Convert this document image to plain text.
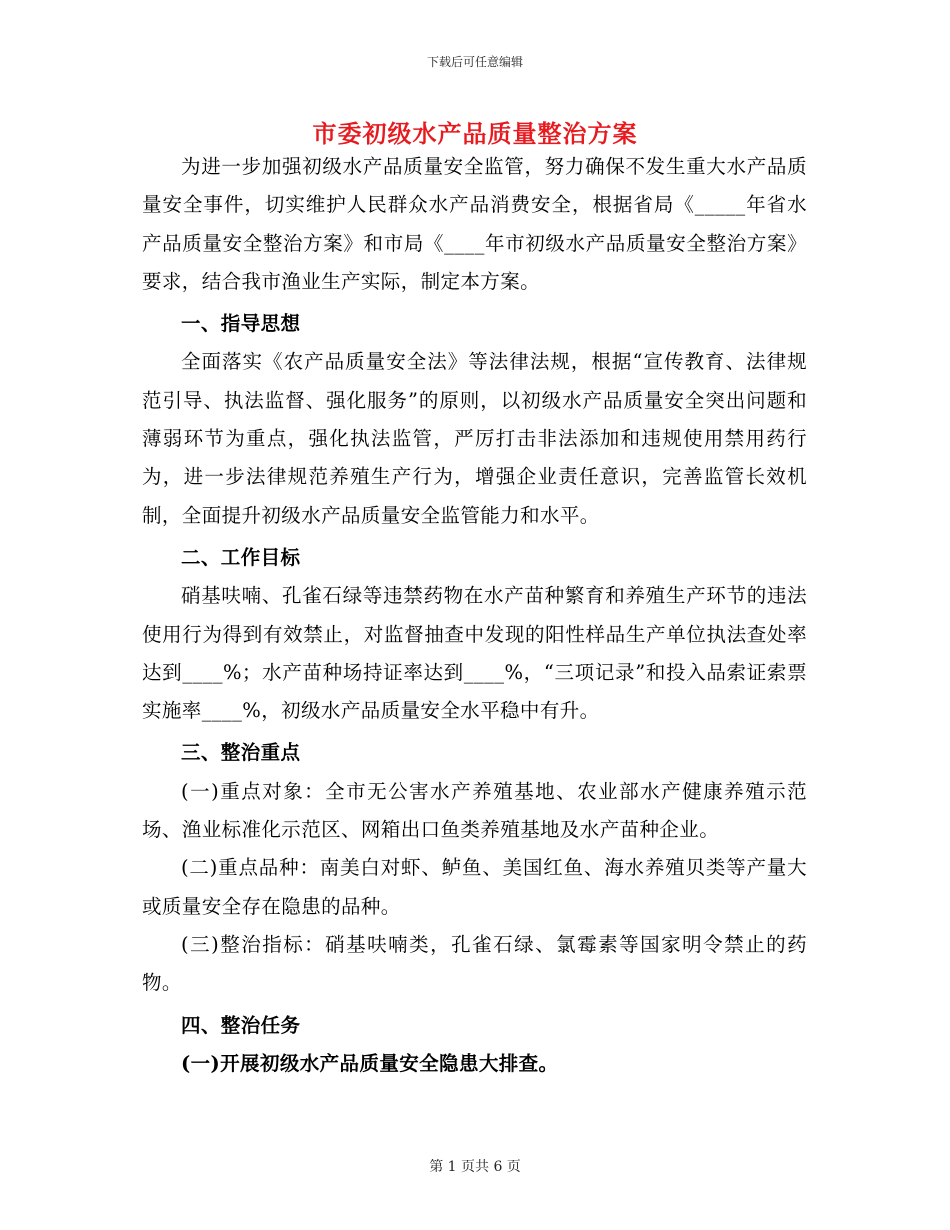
下载后可任意编辑
市委初级水产品质量整治方案

为进一步加强初级水产品质量安全监管，努力确保不发生重大水产品质量安全事件，切实维护人民群众水产品消费安全，根据省局《_____年省水产品质量安全整治方案》和市局《____年市初级水产品质量安全整治方案》要求，结合我市渔业生产实际，制定本方案。

一、指导思想

全面落实《农产品质量安全法》等法律法规，根据“宣传教育、法律规范引导、执法监督、强化服务”的原则，以初级水产品质量安全突出问题和薄弱环节为重点，强化执法监管，严厉打击非法添加和违规使用禁用药行为，进一步法律规范养殖生产行为，增强企业责任意识，完善监管长效机制，全面提升初级水产品质量安全监管能力和水平。

二、工作目标

硝基呋喃、孔雀石绿等违禁药物在水产苗种繁育和养殖生产环节的违法使用行为得到有效禁止，对监督抽查中发现的阳性样品生产单位执法查处率达到____%；水产苗种场持证率达到____%，“三项记录”和投入品索证索票实施率____%，初级水产品质量安全水平稳中有升。

三、整治重点

(一)重点对象：全市无公害水产养殖基地、农业部水产健康养殖示范场、渔业标准化示范区、网箱出口鱼类养殖基地及水产苗种企业。

(二)重点品种：南美白对虾、鲈鱼、美国红鱼、海水养殖贝类等产量大或质量安全存在隐患的品种。

(三)整治指标：硝基呋喃类，孔雀石绿、氯霉素等国家明令禁止的药物。

四、整治任务

(一)开展初级水产品质量安全隐患大排查。

第 1 页共 6 页
